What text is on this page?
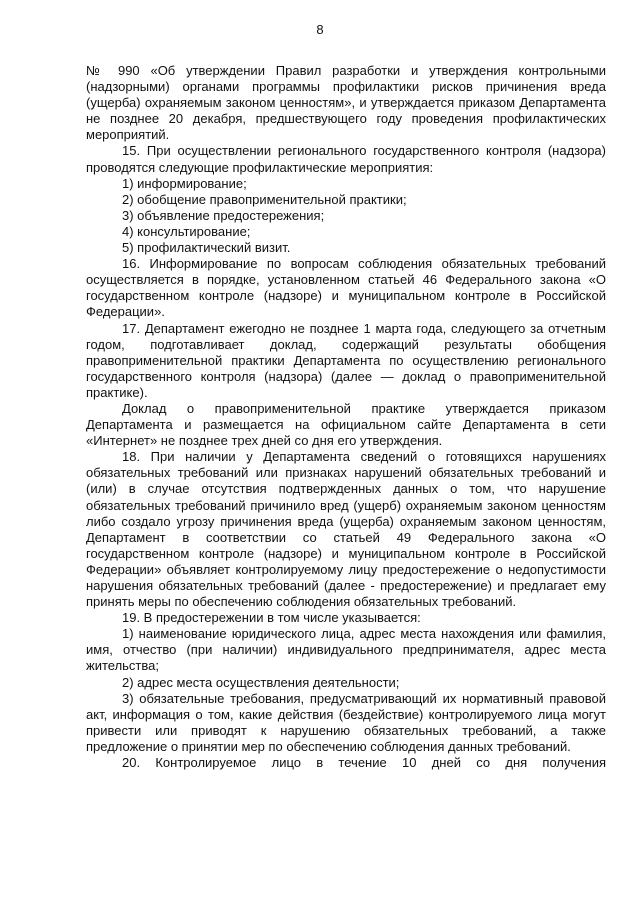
8

№ 990 «Об утверждении Правил разработки и утверждения контрольными (надзорными) органами программы профилактики рисков причинения вреда (ущерба) охраняемым законом ценностям», и утверждается приказом Департамента не позднее 20 декабря, предшествующего году проведения профилактических мероприятий.

15. При осуществлении регионального государственного контроля (надзора) проводятся следующие профилактические мероприятия:

1) информирование;

2) обобщение правоприменительной практики;

3) объявление предостережения;

4) консультирование;

5) профилактический визит.

16. Информирование по вопросам соблюдения обязательных требований осуществляется в порядке, установленном статьей 46 Федерального закона «О государственном контроле (надзоре) и муниципальном контроле в Российской Федерации».

17. Департамент ежегодно не позднее 1 марта года, следующего за отчетным годом, подготавливает доклад, содержащий результаты обобщения правоприменительной практики Департамента по осуществлению регионального государственного контроля (надзора) (далее — доклад о правоприменительной практике).

Доклад о правоприменительной практике утверждается приказом Департамента и размещается на официальном сайте Департамента в сети «Интернет» не позднее трех дней со дня его утверждения.

18. При наличии у Департамента сведений о готовящихся нарушениях обязательных требований или признаках нарушений обязательных требований и (или) в случае отсутствия подтвержденных данных о том, что нарушение обязательных требований причинило вред (ущерб) охраняемым законом ценностям либо создало угрозу причинения вреда (ущерба) охраняемым законом ценностям, Департамент в соответствии со статьей 49 Федерального закона «О государственном контроле (надзоре) и муниципальном контроле в Российской Федерации» объявляет контролируемому лицу предостережение о недопустимости нарушения обязательных требований (далее - предостережение) и предлагает ему принять меры по обеспечению соблюдения обязательных требований.

19. В предостережении в том числе указывается:

1) наименование юридического лица, адрес места нахождения или фамилия, имя, отчество (при наличии) индивидуального предпринимателя, адрес места жительства;

2) адрес места осуществления деятельности;

3) обязательные требования, предусматривающий их нормативный правовой акт, информация о том, какие действия (бездействие) контролируемого лица могут привести или приводят к нарушению обязательных требований, а также предложение о принятии мер по обеспечению соблюдения данных требований.

20. Контролируемое лицо в течение 10 дней со дня получения
